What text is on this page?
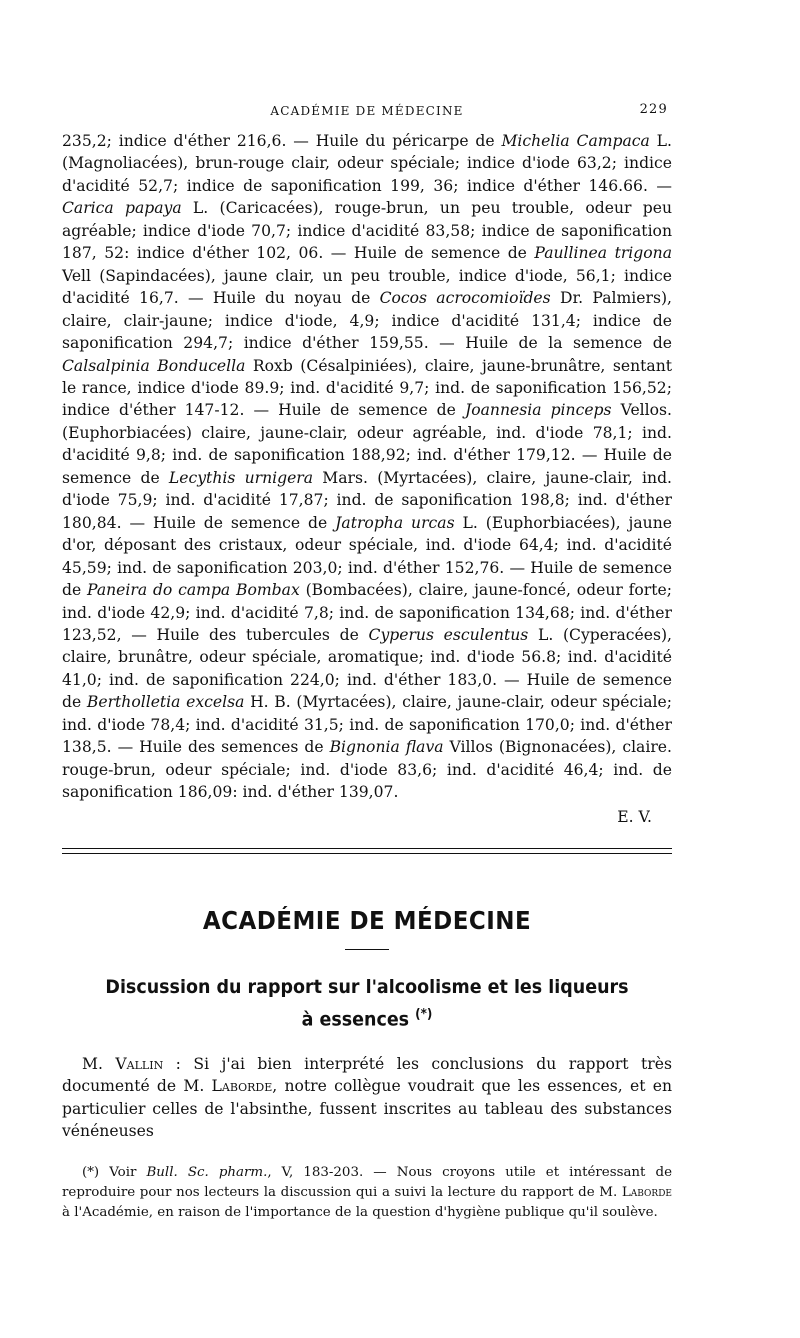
ACADÉMIE DE MÉDECINE	229

235,2; indice d'éther 216,6. — Huile du péricarpe de Michelia Campaca L. (Magnoliacées), brun-rouge clair, odeur spéciale; indice d'iode 63,2; indice d'acidité 52,7; indice de saponification 199, 36; indice d'éther 146.66. — Carica papaya L. (Caricacées), rouge-brun, un peu trouble, odeur peu agréable; indice d'iode 70,7; indice d'acidité 83,58; indice de saponification 187, 52: indice d'éther 102, 06. — Huile de semence de Paullinea trigona Vell (Sapindacées), jaune clair, un peu trouble, indice d'iode, 56,1; indice d'acidité 16,7. — Huile du noyau de Cocos acrocomioïdes Dr. Palmiers), claire, clair-jaune; indice d'iode, 4,9; indice d'acidité 131,4; indice de saponification 294,7; indice d'éther 159,55. — Huile de la semence de Calsalpinia Bonducella Roxb (Césalpiniées), claire, jaune-brunâtre, sentant le rance, indice d'iode 89.9; ind. d'acidité 9,7; ind. de saponification 156,52; indice d'éther 147-12. — Huile de semence de Joannesia pinceps Vellos. (Euphorbiacées) claire, jaune-clair, odeur agréable, ind. d'iode 78,1; ind. d'acidité 9,8; ind. de saponification 188,92; ind. d'éther 179,12. — Huile de semence de Lecythis urnigera Mars. (Myrtacées), claire, jaune-clair, ind. d'iode 75,9; ind. d'acidité 17,87; ind. de saponification 198,8; ind. d'éther 180,84. — Huile de semence de Jatropha urcas L. (Euphorbiacées), jaune d'or, déposant des cristaux, odeur spéciale, ind. d'iode 64,4; ind. d'acidité 45,59; ind. de saponification 203,0; ind. d'éther 152,76. — Huile de semence de Paneira do campa Bombax (Bombacées), claire, jaune-foncé, odeur forte; ind. d'iode 42,9; ind. d'acidité 7,8; ind. de saponification 134,68; ind. d'éther 123,52, — Huile des tubercules de Cyperus esculentus L. (Cyperacées), claire, brunâtre, odeur spéciale, aromatique; ind. d'iode 56.8; ind. d'acidité 41,0; ind. de saponification 224,0; ind. d'éther 183,0. — Huile de semence de Bertholletia excelsa H. B. (Myrtacées), claire, jaune-clair, odeur spéciale; ind. d'iode 78,4; ind. d'acidité 31,5; ind. de saponification 170,0; ind. d'éther 138,5. — Huile des semences de Bignonia flava Villos (Bignonacées), claire. rouge-brun, odeur spéciale; ind. d'iode 83,6; ind. d'acidité 46,4; ind. de saponification 186,09: ind. d'éther 139,07.

E. V.
ACADÉMIE DE MÉDECINE
Discussion du rapport sur l'alcoolisme et les liqueurs
à essences (*)

M. Vallin : Si j'ai bien interprété les conclusions du rapport très documenté de M. Laborde, notre collègue voudrait que les essences, et en particulier celles de l'absinthe, fussent inscrites au tableau des substances vénéneuses

(*) Voir Bull. Sc. pharm., V, 183-203. — Nous croyons utile et intéressant de reproduire pour nos lecteurs la discussion qui a suivi la lecture du rapport de M. Laborde à l'Académie, en raison de l'importance de la question d'hygiène publique qu'il soulève.
